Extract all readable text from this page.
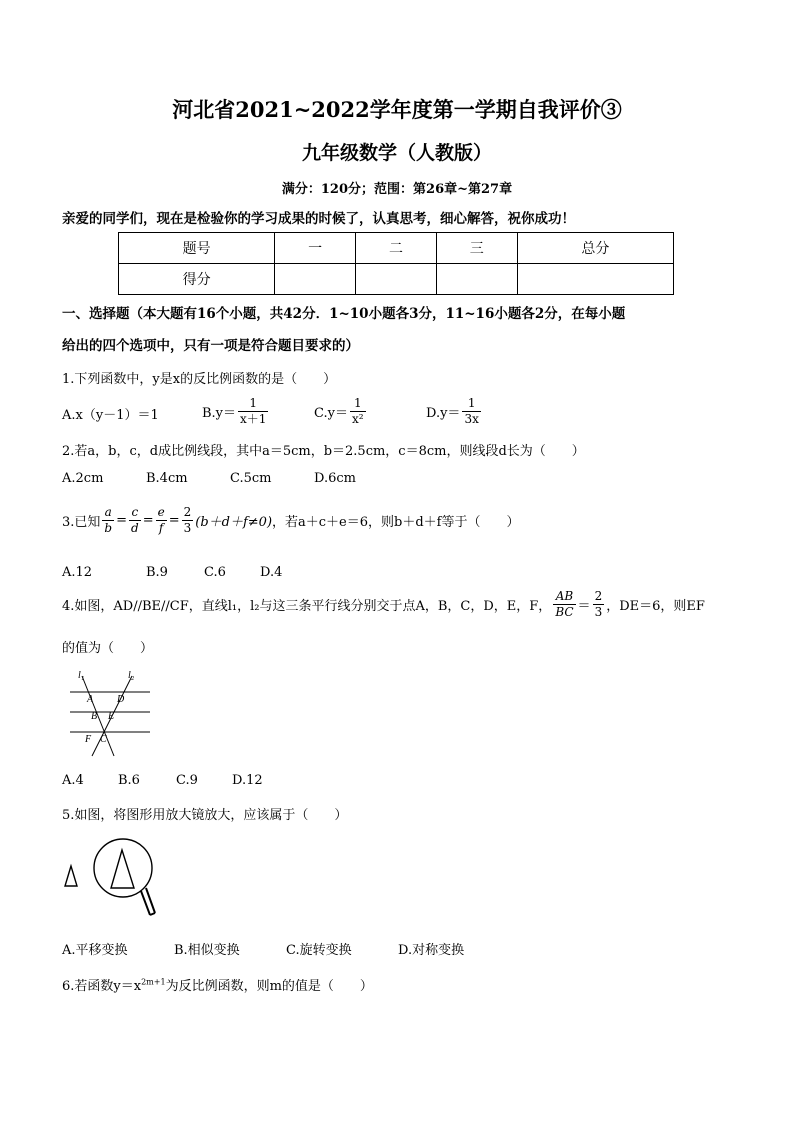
河北省2021~2022学年度第一学期自我评价③
九年级数学（人教版）
满分：120分；范围：第26章~第27章
亲爱的同学们，现在是检验你的学习成果的时候了，认真思考，细心解答，祝你成功！
题号	一	二	三	总分
得分				
一、选择题（本大题有16个小题，共42分．1~10小题各3分，11~16小题各2分，在每小题
给出的四个选项中，只有一项是符合题目要求的）
1.下列函数中，y是x的反比例函数的是（　　）
A.x（y－1）＝1	$B.y= \frac{1}{x+1}$	$C.y= \frac{1}{\text{x²}}$	$D.y= \frac{1}{3x}$
2.若a，b，c，d成比例线段，其中a＝5cm，b＝2.5cm，c＝8cm，则线段d长为（　　）
A.2cm	B.4cm	C.5cm	D.6cm
3.已知 $\frac{a}{b} = \frac{c}{d} = \frac{e}{f} = \frac{2}{3} (b+d+f\ne 0)$，若a＋c＋e＝6，则b＋d＋f等于（　　）
A.12	B.9	C.6	D.4
4.如图，AD//BE//CF，直线l₁，l₂与这三条平行线分别交于点A，B，C，D，E，F， $\frac{AB}{BC} = \frac{2}{3}$ ，DE＝6，则EF
的值为（　　）
l₁	l₂
A D
B E
F C
A.4	B.6	C.9	D.12
5.如图，将图形用放大镜放大，应该属于（　　）
A.平移变换	B.相似变换	C.旋转变换	D.对称变换
6.若函数$y=x^{2m+1}$为反比例函数，则m的值是（　　）
